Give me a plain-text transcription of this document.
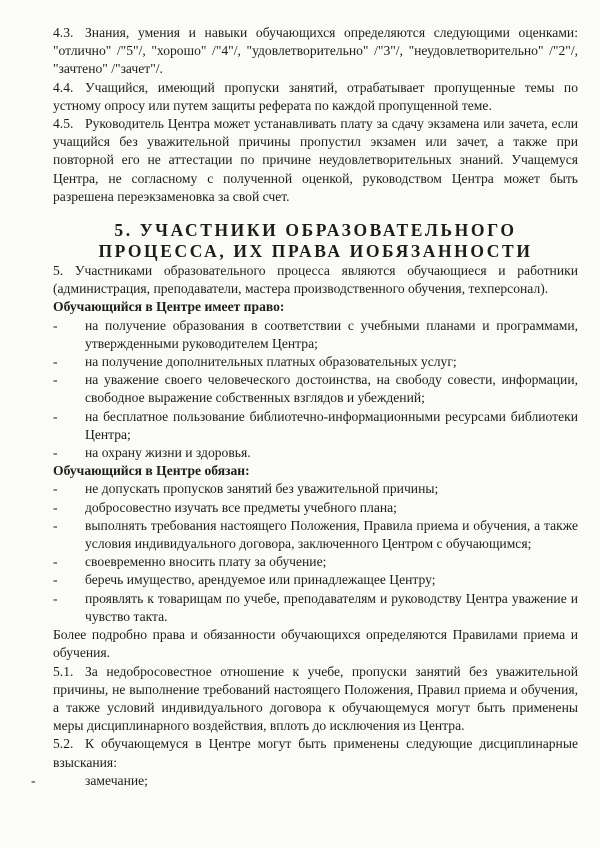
4.3. Знания, умения и навыки обучающихся определяются следующими оценками: "отлично" /"5"/, "хорошо" /"4"/, "удовлетворительно" /"3"/, "неудовлетворительно" /"2"/, "зачтено" /"зачет"/.

4.4. Учащийся, имеющий пропуски занятий, отрабатывает пропущенные темы по устному опросу или путем защиты реферата по каждой пропущенной теме.

4.5. Руководитель Центра может устанавливать плату за сдачу экзамена или зачета, если учащийся без уважительной причины пропустил экзамен или зачет, а также при повторной его не аттестации по причине неудовлетворительных знаний. Учащемуся Центра, не согласному с полученной оценкой, руководством Центра может быть разрешена переэкзаменовка за свой счет.

5. УЧАСТНИКИ ОБРАЗОВАТЕЛЬНОГО
ПРОЦЕССА, ИХ ПРАВА ИОБЯЗАННОСТИ

5. Участниками образовательного процесса являются обучающиеся и работники (администрация, преподаватели, мастера производственного обучения, техперсонал).

Обучающийся в Центре имеет право:

-	на получение образования в соответствии с учебными планами и программами, утвержденными руководителем Центра;
-	на получение дополнительных платных образовательных услуг;
-	на уважение своего человеческого достоинства, на свободу совести, информации, свободное выражение собственных взглядов и убеждений;
-	на бесплатное пользование библиотечно-информационными ресурсами библиотеки Центра;
-	на охрану жизни и здоровья.

Обучающийся в Центре обязан:

-	не допускать пропусков занятий без уважительной причины;
-	добросовестно изучать все предметы учебного плана;
-	выполнять требования настоящего Положения, Правила приема и обучения, а также условия индивидуального договора, заключенного Центром с обучающимся;
-	своевременно вносить плату за обучение;
-	беречь имущество, арендуемое или принадлежащее Центру;
-	проявлять к товарищам по учебе, преподавателям и руководству Центра уважение и чувство такта.

Более подробно права и обязанности обучающихся определяются Правилами приема и обучения.

5.1. За недобросовестное отношение к учебе, пропуски занятий без уважительной причины, не выполнение требований настоящего Положения, Правил приема и обучения, а также условий индивидуального договора к обучающемуся могут быть применены меры дисциплинарного воздействия, вплоть до исключения из Центра.

5.2. К обучающемуся в Центре могут быть применены следующие дисциплинарные взыскания:

-	замечание;
